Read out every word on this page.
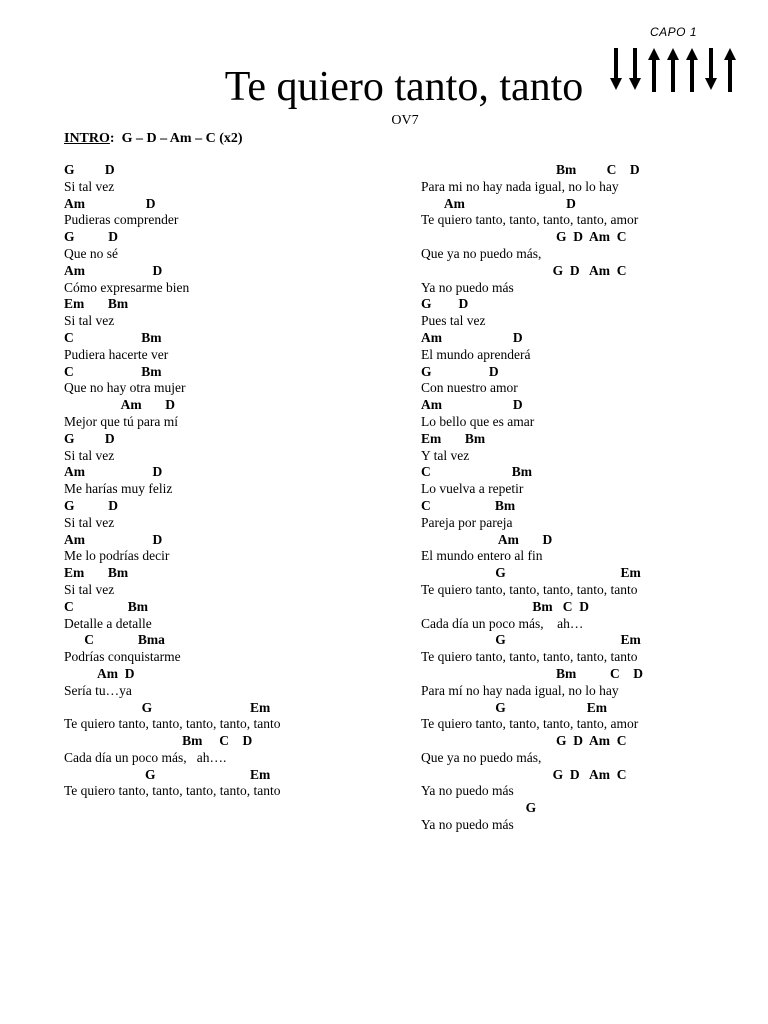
CAPO 1
Te quiero tanto, tanto
OV7
INTRO: G – D – Am – C (x2)
G         D
Si tal vez
Am                  D
Pudieras comprender
G          D
Que no sé
Am                    D
Cómo expresarme bien
Em       Bm
Si tal vez
C                    Bm
Pudiera hacerte ver
C                    Bm
Que no hay otra mujer
Am       D
Mejor que tú para mí
G         D
Si tal vez
Am                    D
Me harías muy feliz
G          D
Si tal vez
Am                    D
Me lo podrías decir
Em       Bm
Si tal vez
C                Bm
Detalle a detalle
C             Bma
Podrías conquistarme
Am  D
Sería tu…ya
G                             Em
Te quiero tanto, tanto, tanto, tanto, tanto
Bm     C    D
Cada día un poco más,   ah….
G                            Em
Te quiero tanto, tanto, tanto, tanto, tanto
Bm         C    D
Para mi no hay nada igual, no lo hay
Am                              D
Te quiero tanto, tanto, tanto, tanto, amor
G  D  Am  C
Que ya no puedo más,
G  D   Am  C
Ya no puedo más
G        D
Pues tal vez
Am                     D
El mundo aprenderá
G                 D
Con nuestro amor
Am                     D
Lo bello que es amar
Em       Bm
Y tal vez
C                        Bm
Lo vuelva a repetir
C                   Bm
Pareja por pareja
Am       D
El mundo entero al fin
G                                  Em
Te quiero tanto, tanto, tanto, tanto, tanto
Bm   C  D
Cada día un poco más,    ah…
G                                  Em
Te quiero tanto, tanto, tanto, tanto, tanto
Bm          C    D
Para mí no hay nada igual, no lo hay
G                        Em
Te quiero tanto, tanto, tanto, tanto, amor
G  D  Am  C
Que ya no puedo más,
G  D   Am  C
Ya no puedo más
G
Ya no puedo más
